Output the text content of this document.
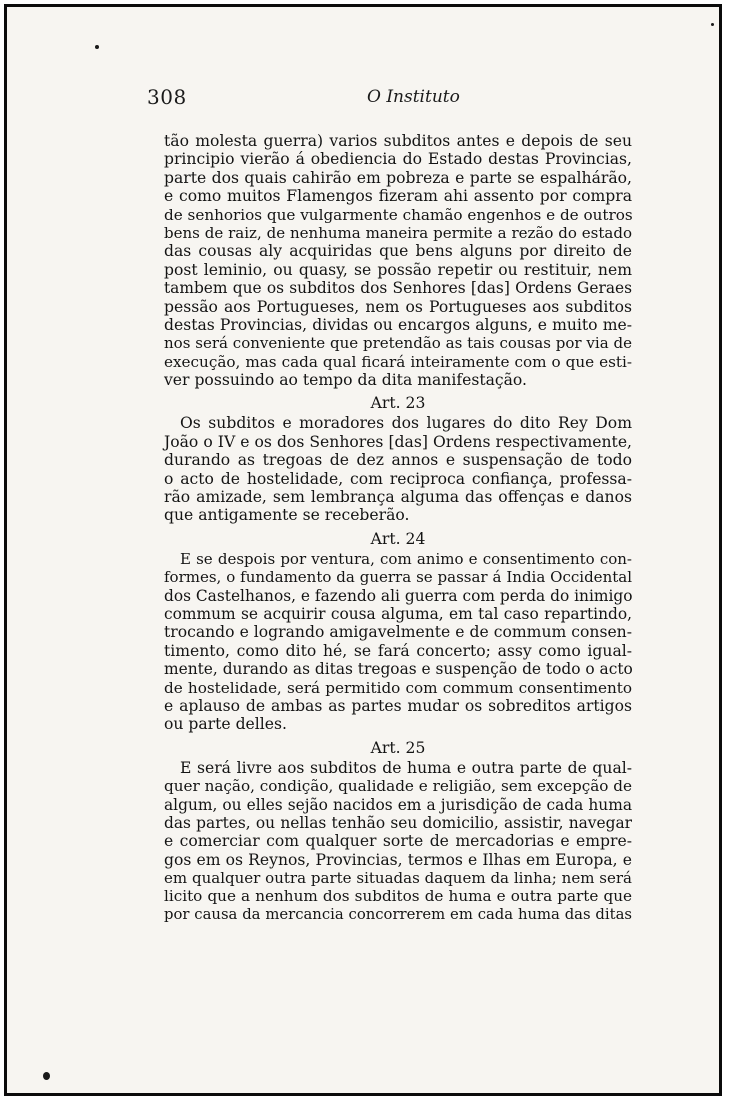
308	O Instituto
tão molesta guerra) varios subditos antes e depois de seu
principio vierão á obediencia do Estado destas Provincias,
parte dos quais cahirão em pobreza e parte se espalhárão,
e como muitos Flamengos fizeram ahi assento por compra
de senhorios que vulgarmente chamão engenhos e de outros
bens de raiz, de nenhuma maneira permite a rezão do estado
das cousas aly acquiridas que bens alguns por direito de
post leminio, ou quasy, se possão repetir ou restituir, nem
tambem que os subditos dos Senhores [das] Ordens Geraes
pessão aos Portugueses, nem os Portugueses aos subditos
destas Provincias, dividas ou encargos alguns, e muito me-
nos será conveniente que pretendão as tais cousas por via de
execução, mas cada qual ficará inteiramente com o que esti-
ver possuindo ao tempo da dita manifestação.
Art. 23
Os subditos e moradores dos lugares do dito Rey Dom
João o IV e os dos Senhores [das] Ordens respectivamente,
durando as tregoas de dez annos e suspensação de todo
o acto de hostelidade, com reciproca confiança, professa-
rão amizade, sem lembrança alguma das offenças e danos
que antigamente se receberão.
Art. 24
E se despois por ventura, com animo e consentimento con-
formes, o fundamento da guerra se passar á India Occidental
dos Castelhanos, e fazendo ali guerra com perda do inimigo
commum se acquirir cousa alguma, em tal caso repartindo,
trocando e logrando amigavelmente e de commum consen-
timento, como dito hé, se fará concerto; assy como igual-
mente, durando as ditas tregoas e suspenção de todo o acto
de hostelidade, será permitido com commum consentimento
e aplauso de ambas as partes mudar os sobreditos artigos
ou parte delles.
Art. 25
E será livre aos subditos de huma e outra parte de qual-
quer nação, condição, qualidade e religião, sem excepção de
algum, ou elles sejão nacidos em a jurisdição de cada huma
das partes, ou nellas tenhão seu domicilio, assistir, navegar
e comerciar com qualquer sorte de mercadorias e empre-
gos em os Reynos, Provincias, termos e Ilhas em Europa, e
em qualquer outra parte situadas daquem da linha; nem será
licito que a nenhum dos subditos de huma e outra parte que
por causa da mercancia concorrerem em cada huma das ditas
